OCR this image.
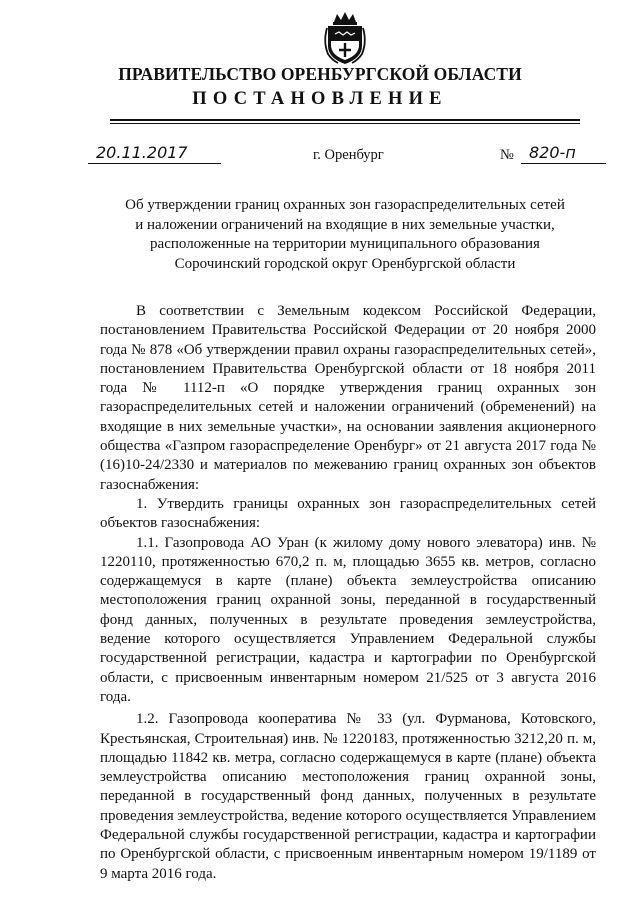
ПРАВИТЕЛЬСТВО ОРЕНБУРГСКОЙ ОБЛАСТИ
ПОСТАНОВЛЕНИЕ
20.11.2017	г. Оренбург	№ 820-п
Об утверждении границ охранных зон газораспределительных сетей
и наложении ограничений на входящие в них земельные участки,
расположенные на территории муниципального образования
Сорочинский городской округ Оренбургской области

В соответствии с Земельным кодексом Российской Федерации, постановлением Правительства Российской Федерации от 20 ноября 2000 года № 878 «Об утверждении правил охраны газораспределительных сетей», постановлением Правительства Оренбургской области от 18 ноября 2011 года № 1112-п «О порядке утверждения границ охранных зон газораспределительных сетей и наложении ограничений (обременений) на входящие в них земельные участки», на основании заявления акционерного общества «Газпром газораспределение Оренбург» от 21 августа 2017 года № (16)10-24/2330 и материалов по межеванию границ охранных зон объектов газоснабжения:

1. Утвердить границы охранных зон газораспределительных сетей объектов газоснабжения:

1.1. Газопровода АО Уран (к жилому дому нового элеватора) инв. № 1220110, протяженностью 670,2 п. м, площадью 3655 кв. метров, согласно содержащемуся в карте (плане) объекта землеустройства описанию местоположения границ охранной зоны, переданной в государственный фонд данных, полученных в результате проведения землеустройства, ведение которого осуществляется Управлением Федеральной службы государственной регистрации, кадастра и картографии по Оренбургской области, с присвоенным инвентарным номером 21/525 от 3 августа 2016 года.

1.2. Газопровода кооператива № 33 (ул. Фурманова, Котовского, Крестьянская, Строительная) инв. № 1220183, протяженностью 3212,20 п. м, площадью 11842 кв. метра, согласно содержащемуся в карте (плане) объекта землеустройства описанию местоположения границ охранной зоны, переданной в государственный фонд данных, полученных в результате проведения землеустройства, ведение которого осуществляется Управлением Федеральной службы государственной регистрации, кадастра и картографии по Оренбургской области, с присвоенным инвентарным номером 19/1189 от 9 марта 2016 года.
